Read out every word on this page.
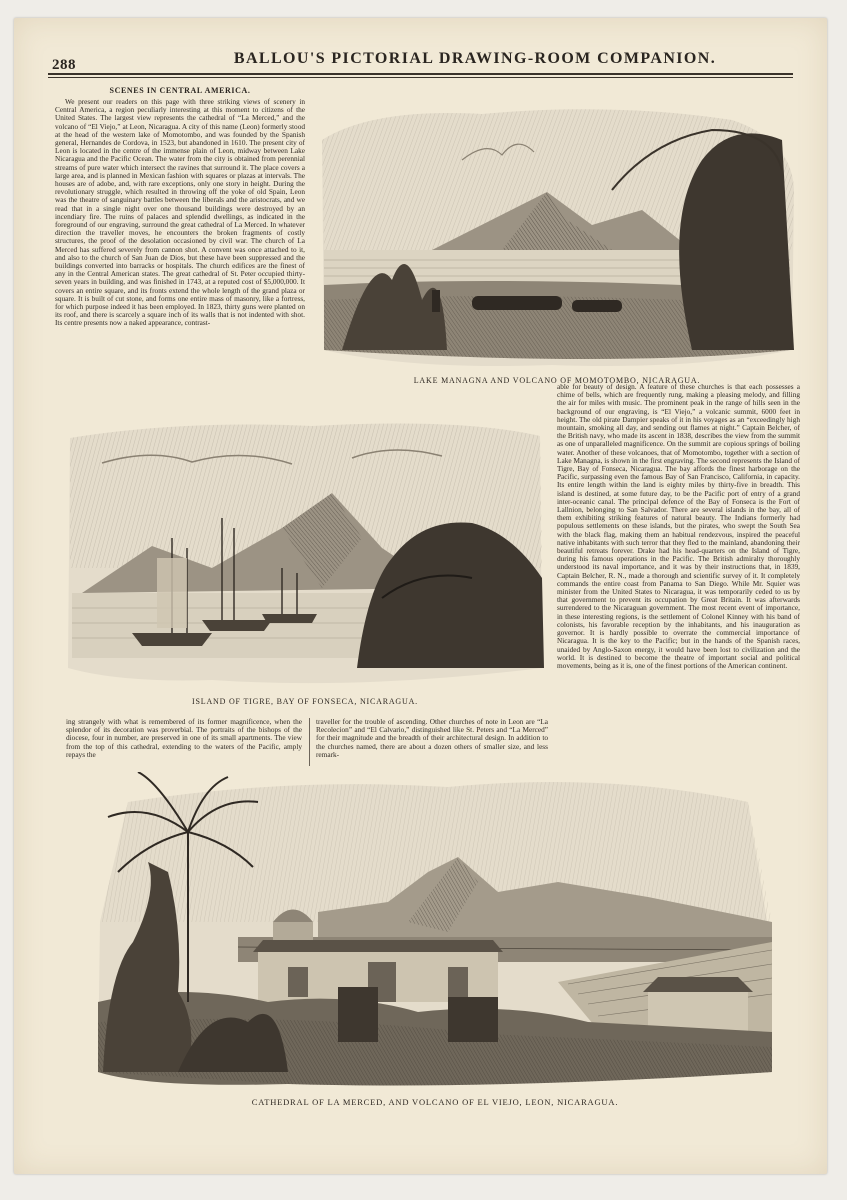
288	BALLOU'S PICTORIAL DRAWING-ROOM COMPANION.
SCENES IN CENTRAL AMERICA.

We present our readers on this page with three striking views of scenery in Central America, a region peculiarly interesting at this moment to citizens of the United States. The largest view represents the cathedral of “La Merced,” and the volcano of “El Viejo,” at Leon, Nicaragua. A city of this name (Leon) formerly stood at the head of the western lake of Momotombo, and was founded by the Spanish general, Hernandes de Cordova, in 1523, but abandoned in 1610. The present city of Leon is located in the centre of the immense plain of Leon, midway between Lake Nicaragua and the Pacific Ocean. The water from the city is obtained from perennial streams of pure water which intersect the ravines that surround it. The place covers a large area, and is planned in Mexican fashion with squares or plazas at intervals. The houses are of adobe, and, with rare exceptions, only one story in height. During the revolutionary struggle, which resulted in throwing off the yoke of old Spain, Leon was the theatre of sanguinary battles between the liberals and the aristocrats, and we read that in a single night over one thousand buildings were destroyed by an incendiary fire. The ruins of palaces and splendid dwellings, as indicated in the foreground of our engraving, surround the great cathedral of La Merced. In whatever direction the traveller moves, he encounters the broken fragments of costly structures, the proof of the desolation occasioned by civil war. The church of La Merced has suffered severely from cannon shot. A convent was once attached to it, and also to the church of San Juan de Dios, but these have been suppressed and the buildings converted into barracks or hospitals. The church edifices are the finest of any in the Central American states. The great cathedral of St. Peter occupied thirty-seven years in building, and was finished in 1743, at a reputed cost of $5,000,000. It covers an entire square, and its fronts extend the whole length of the grand plaza or square. It is built of cut stone, and forms one entire mass of masonry, like a fortress, for which purpose indeed it has been employed. In 1823, thirty guns were planted on its roof, and there is scarcely a square inch of its walls that is not indented with shot. Its centre presents now a naked appearance, contrast-

LAKE MANAGNA AND VOLCANO OF MOMOTOMBO, NICARAGUA.
ISLAND OF TIGRE, BAY OF FONSECA, NICARAGUA.

able for beauty of design. A feature of these churches is that each possesses a chime of bells, which are frequently rung, making a pleasing melody, and filling the air for miles with music. The prominent peak in the range of hills seen in the background of our engraving, is “El Viejo,” a volcanic summit, 6000 feet in height. The old pirate Dampier speaks of it in his voyages as an “exceedingly high mountain, smoking all day, and sending out flames at night.” Captain Belcher, of the British navy, who made its ascent in 1838, describes the view from the summit as one of unparalleled magnificence. On the summit are copious springs of boiling water. Another of these volcanoes, that of Momotombo, together with a section of Lake Managna, is shown in the first engraving. The second represents the Island of Tigre, Bay of Fonseca, Nicaragua. The bay affords the finest harborage on the Pacific, surpassing even the famous Bay of San Francisco, California, in capacity. Its entire length within the land is eighty miles by thirty-five in breadth. This island is destined, at some future day, to be the Pacific port of entry of a grand inter-oceanic canal. The principal defence of the Bay of Fonseca is the Fort of Lallnion, belonging to San Salvador. There are several islands in the bay, all of them exhibiting striking features of natural beauty. The Indians formerly had populous settlements on these islands, but the pirates, who swept the South Sea with the black flag, making them an habitual rendezvous, inspired the peaceful native inhabitants with such terror that they fled to the mainland, abandoning their beautiful retreats forever. Drake had his head-quarters on the Island of Tigre, during his famous operations in the Pacific. The British admiralty thoroughly understood its naval importance, and it was by their instructions that, in 1839, Captain Belcher, R. N., made a thorough and scientific survey of it. It completely commands the entire coast from Panama to San Diego. While Mr. Squier was minister from the United States to Nicaragua, it was temporarily ceded to us by that government to prevent its occupation by Great Britain. It was afterwards surrendered to the Nicaraguan government. The most recent event of importance, in these interesting regions, is the settlement of Colonel Kinney with his band of colonists, his favorable reception by the inhabitants, and his inauguration as governor. It is hardly possible to overrate the commercial importance of Nicaragua. It is the key to the Pacific; but in the hands of the Spanish races, unaided by Anglo-Saxon energy, it would have been lost to civilization and the world. It is destined to become the theatre of important social and political movements, being as it is, one of the finest portions of the American continent.

ing strangely with what is remembered of its former magnificence, when the splendor of its decoration was proverbial. The portraits of the bishops of the diocese, four in number, are preserved in one of its small apartments. The view from the top of this cathedral, extending to the waters of the Pacific, amply repays the

traveller for the trouble of ascending. Other churches of note in Leon are “La Recolecion” and “El Calvario,” distinguished like St. Peters and “La Merced” for their magnitude and the breadth of their architectural design. In addition to the churches named, there are about a dozen others of smaller size, and less remark-

CATHEDRAL OF LA MERCED, AND VOLCANO OF EL VIEJO, LEON, NICARAGUA.
